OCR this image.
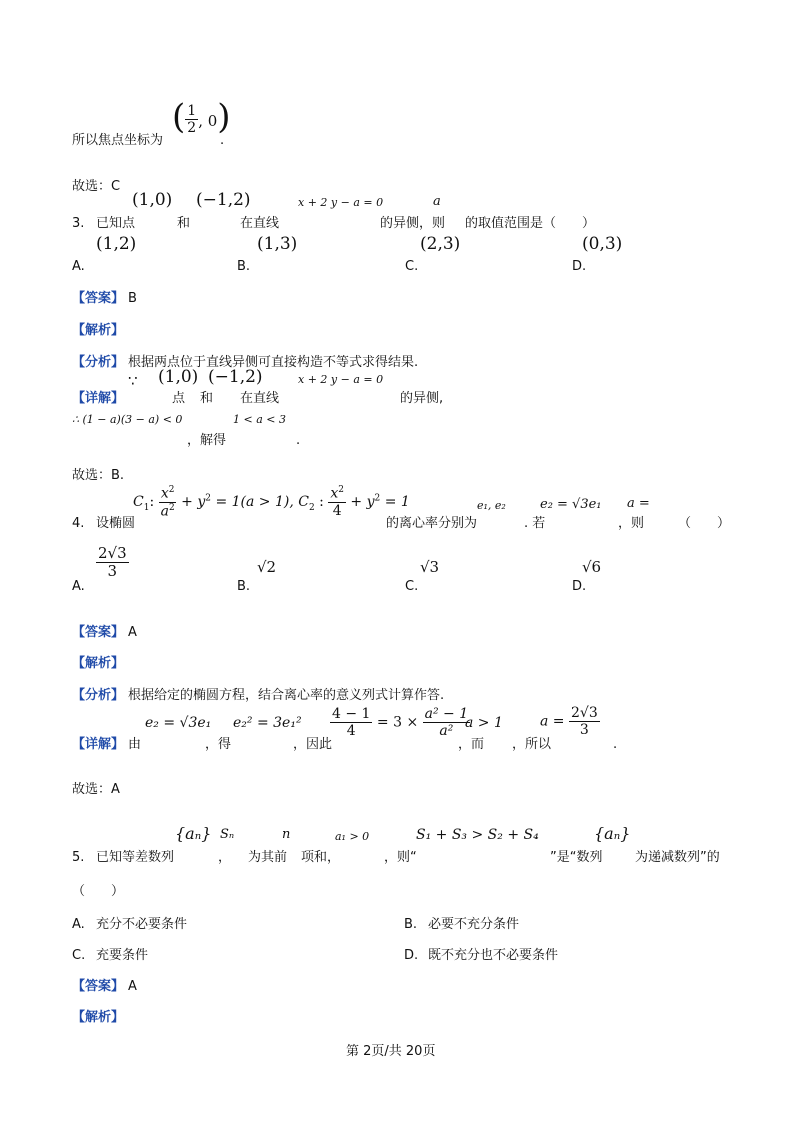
所以焦点坐标为
( $\frac{1}{2}$ , 0)
.
故选：C
(1,0) (−1,2)	x + 2 y − a = 0	a
3. 已知点	和	在直线	的异侧，则 的取值范围是（　　）
(1,2)	(1,3)	(2,3)	(0,3)
A.	B.	C.	D.
【答案】 B
【解析】
【分析】 根据两点位于直线异侧可直接构造不等式求得结果.
∵ (1,0) (−1,2)	x + 2 y − a = 0
【详解】	点 和 在直线	的异侧,
∴ (1 − a)(3 − a) < 0	1 < a < 3
，解得	.
故选：B.
$C_1$: $\frac{x^2}{a^2} + y^2 = 1(a > 1)$, $C_2$ : $\frac{x^2}{4} + y^2 = 1$	e₁, e₂	e₂ = √3e₁ a =
4. 设椭圆	的离心率分别为	. 若	，则	（　　）
$\frac{2√3}{3}$	√2	√3	√6
A.	B.	C.	D.
【答案】 A
【解析】
【分析】 根据给定的椭圆方程，结合离心率的意义列式计算作答.
e₂ = √3e₁ $e_2^2 = 3e_1^2 \frac{4 - 1}{4} = 3 \times \frac{\text{a² − 1}}{\text{a²}}$
a > 1	$a = \frac{2√3}{3}$
【详解】 由	，得	，因此	，而 ，所以	.
故选：A
{aₙ} Sₙ	n	a₁ > 0	S₁ + S₃ > S₂ + S₄	{aₙ}
5. 已知等差数列	， 为其前 项和，	，则“	”是“数列	为递减数列”的
（　　）
A. 充分不必要条件	B. 必要不充分条件
C. 充要条件	D. 既不充分也不必要条件
【答案】 A
【解析】
第 2页/共 20页
